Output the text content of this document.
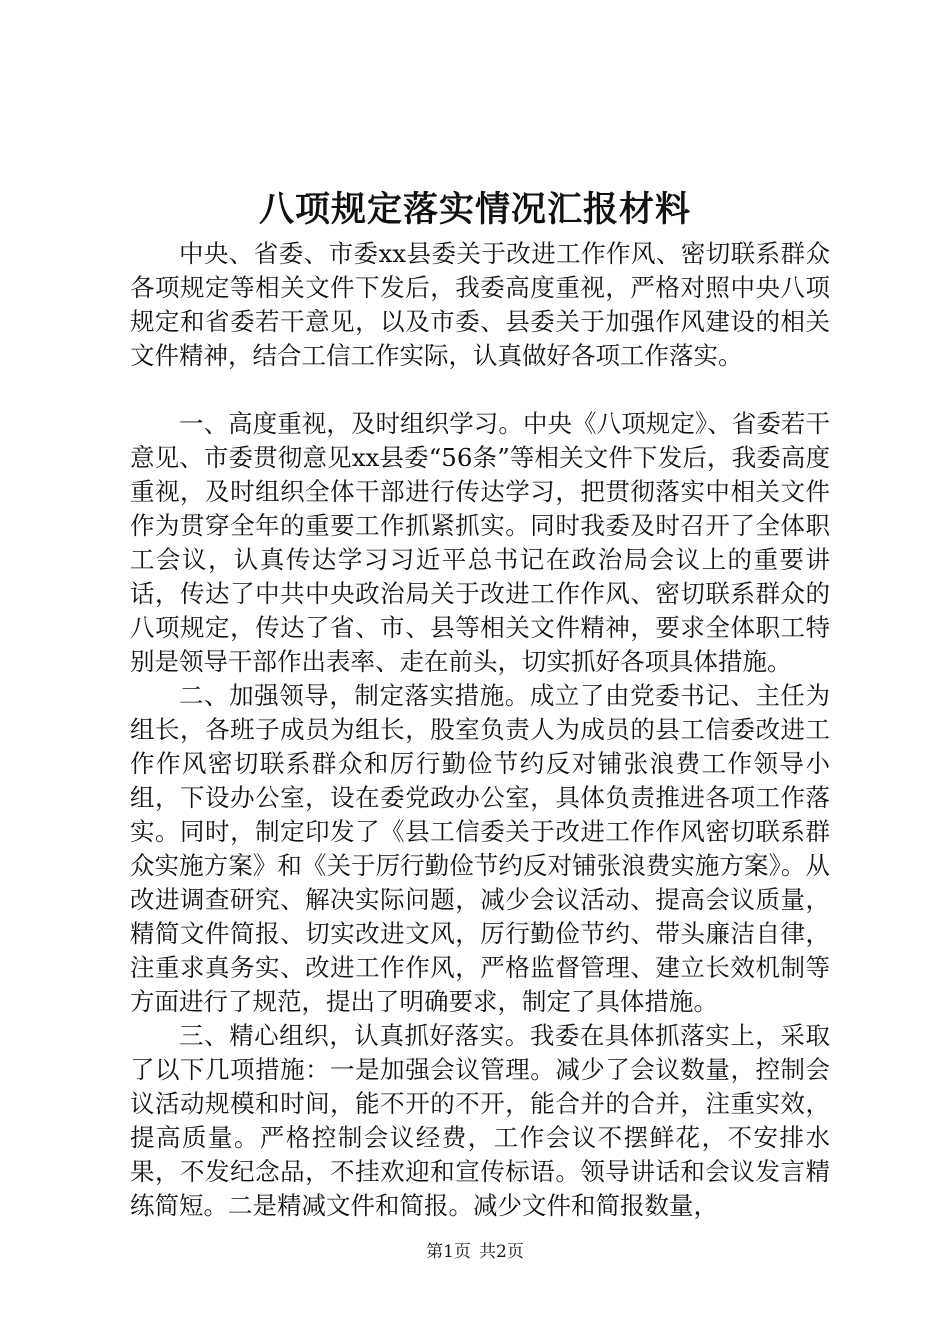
八项规定落实情况汇报材料

中央、省委、市委xx县委关于改进工作作风、密切联系群众各项规定等相关文件下发后，我委高度重视，严格对照中央八项规定和省委若干意见，以及市委、县委关于加强作风建设的相关文件精神，结合工信工作实际，认真做好各项工作落实。

一、高度重视，及时组织学习。中央《八项规定》、省委若干意见、市委贯彻意见xx县委“56条”等相关文件下发后，我委高度重视，及时组织全体干部进行传达学习，把贯彻落实中相关文件作为贯穿全年的重要工作抓紧抓实。同时我委及时召开了全体职工会议，认真传达学习习近平总书记在政治局会议上的重要讲话，传达了中共中央政治局关于改进工作作风、密切联系群众的八项规定，传达了省、市、县等相关文件精神，要求全体职工特别是领导干部作出表率、走在前头，切实抓好各项具体措施。

二、加强领导，制定落实措施。成立了由党委书记、主任为组长，各班子成员为组长，股室负责人为成员的县工信委改进工作作风密切联系群众和厉行勤俭节约反对铺张浪费工作领导小组，下设办公室，设在委党政办公室，具体负责推进各项工作落实。同时，制定印发了《县工信委关于改进工作作风密切联系群众实施方案》和《关于厉行勤俭节约反对铺张浪费实施方案》。从改进调查研究、解决实际问题，减少会议活动、提高会议质量，精简文件简报、切实改进文风，厉行勤俭节约、带头廉洁自律，注重求真务实、改进工作作风，严格监督管理、建立长效机制等方面进行了规范，提出了明确要求，制定了具体措施。

三、精心组织，认真抓好落实。我委在具体抓落实上，采取了以下几项措施：一是加强会议管理。减少了会议数量，控制会议活动规模和时间，能不开的不开，能合并的合并，注重实效，提高质量。严格控制会议经费，工作会议不摆鲜花，不安排水果，不发纪念品，不挂欢迎和宣传标语。领导讲话和会议发言精练简短。二是精减文件和简报。减少文件和简报数量，

第1页 共2页
